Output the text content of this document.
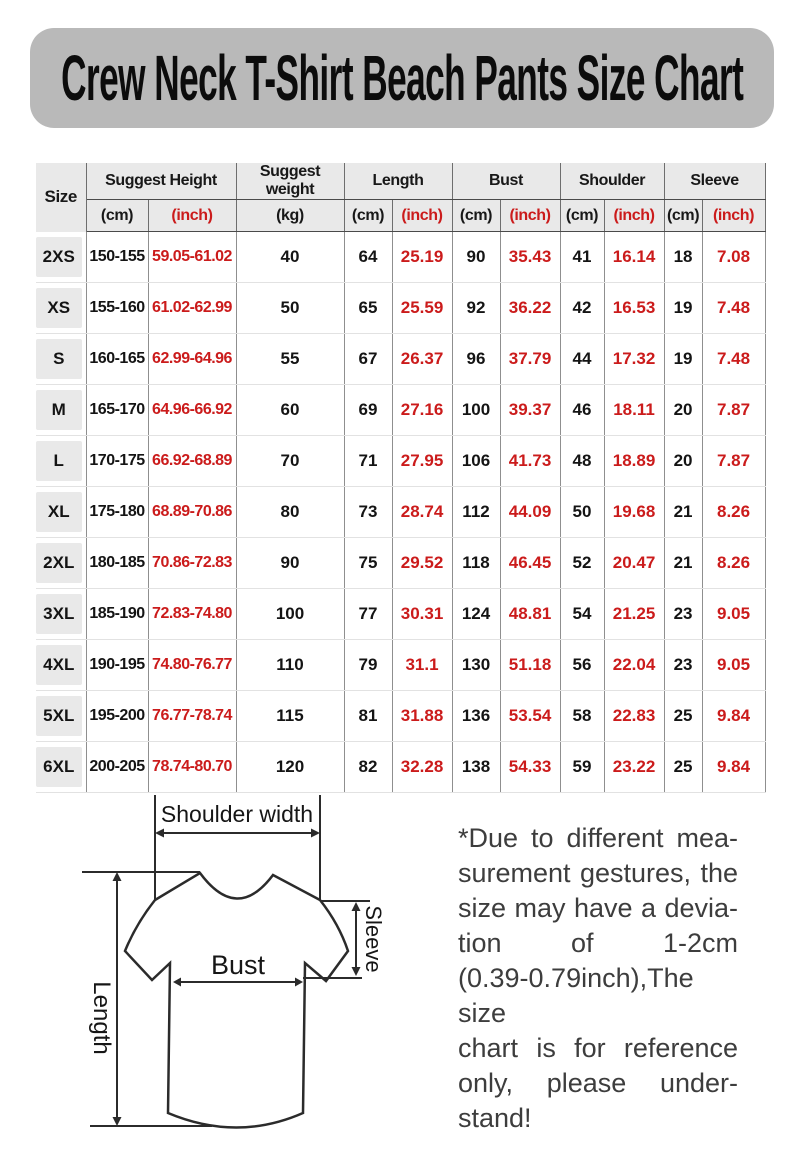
Crew Neck T-Shirt Beach Pants Size Chart
Size	Suggest Height		Suggest weight	Length		Bust		Shoulder		Sleeve	
	(cm)	(inch)	(kg)	(cm)	(inch)	(cm)	(inch)	(cm)	(inch)	(cm)	(inch)

2XS	150-155	59.05-61.02	40	64	25.19	90	35.43	41	16.14	18	7.08

XS	155-160	61.02-62.99	50	65	25.59	92	36.22	42	16.53	19	7.48

S	160-165	62.99-64.96	55	67	26.37	96	37.79	44	17.32	19	7.48

M	165-170	64.96-66.92	60	69	27.16	100	39.37	46	18.11	20	7.87

L	170-175	66.92-68.89	70	71	27.95	106	41.73	48	18.89	20	7.87

XL	175-180	68.89-70.86	80	73	28.74	112	44.09	50	19.68	21	8.26

2XL	180-185	70.86-72.83	90	75	29.52	118	46.45	52	20.47	21	8.26

3XL	185-190	72.83-74.80	100	77	30.31	124	48.81	54	21.25	23	9.05

4XL	190-195	74.80-76.77	110	79	31.1	130	51.18	56	22.04	23	9.05

5XL	195-200	76.77-78.74	115	81	31.88	136	53.54	58	22.83	25	9.84

6XL	200-205	78.74-80.70	120	82	32.28	138	54.33	59	23.22	25	9.84
Shoulder width
Bust
Length
Sleeve
*Due to different mea-
surement gestures, the
size may have a devia-
tion of 1-2cm
(0.39-0.79inch),The size
chart is for reference
only, please under-
stand!
